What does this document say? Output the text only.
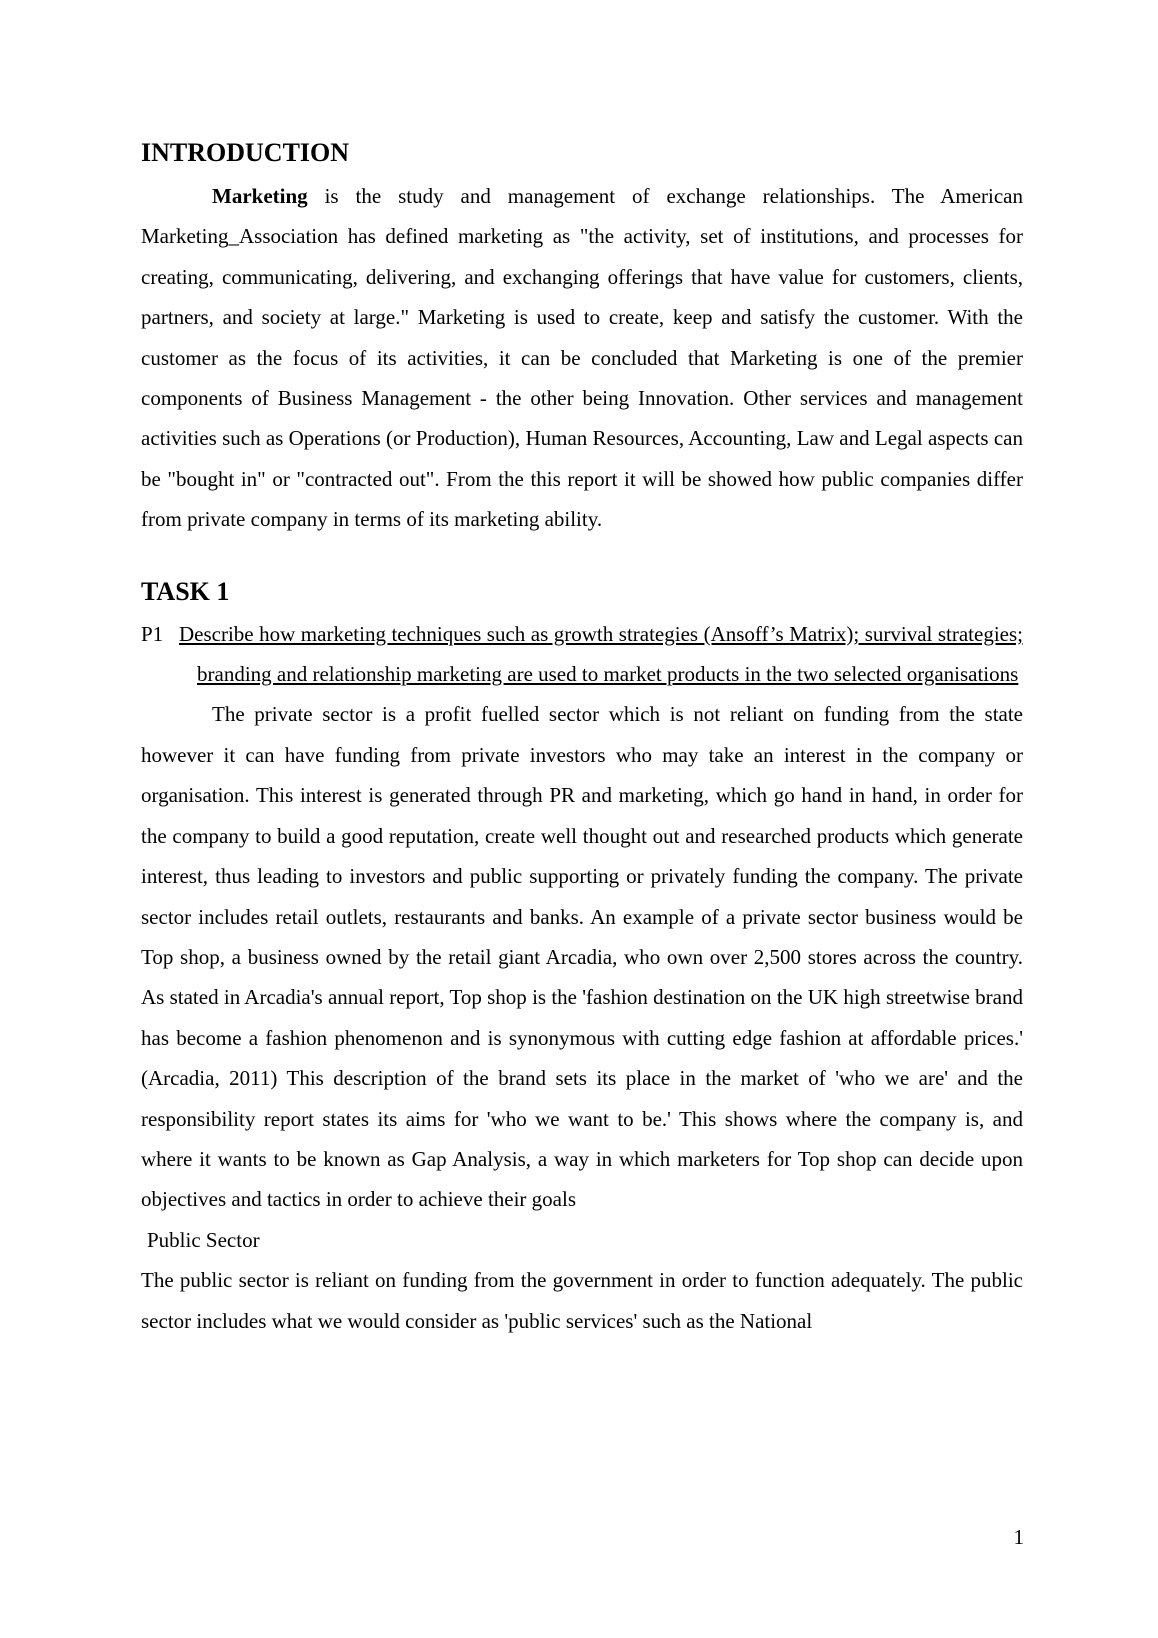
INTRODUCTION

Marketing is the study and management of exchange relationships. The American Marketing_Association has defined marketing as "the activity, set of institutions, and processes for creating, communicating, delivering, and exchanging offerings that have value for customers, clients, partners, and society at large." Marketing is used to create, keep and satisfy the customer. With the customer as the focus of its activities, it can be concluded that Marketing is one of the premier components of Business Management - the other being Innovation. Other services and management activities such as Operations (or Production), Human Resources, Accounting, Law and Legal aspects can be "bought in" or "contracted out". From the this report it will be showed how public companies differ from private company in terms of its marketing ability.

TASK 1

P1 Describe how marketing techniques such as growth strategies (Ansoff’s Matrix); survival strategies; branding and relationship marketing are used to market products in the two selected organisations

The private sector is a profit fuelled sector which is not reliant on funding from the state however it can have funding from private investors who may take an interest in the company or organisation. This interest is generated through PR and marketing, which go hand in hand, in order for the company to build a good reputation, create well thought out and researched products which generate interest, thus leading to investors and public supporting or privately funding the company. The private sector includes retail outlets, restaurants and banks. An example of a private sector business would be Top shop, a business owned by the retail giant Arcadia, who own over 2,500 stores across the country. As stated in Arcadia's annual report, Top shop is the 'fashion destination on the UK high streetwise brand has become a fashion phenomenon and is synonymous with cutting edge fashion at affordable prices.' (Arcadia, 2011) This description of the brand sets its place in the market of 'who we are' and the responsibility report states its aims for 'who we want to be.' This shows where the company is, and where it wants to be known as Gap Analysis, a way in which marketers for Top shop can decide upon objectives and tactics in order to achieve their goals

Public Sector

The public sector is reliant on funding from the government in order to function adequately. The public sector includes what we would consider as 'public services' such as the National

1
